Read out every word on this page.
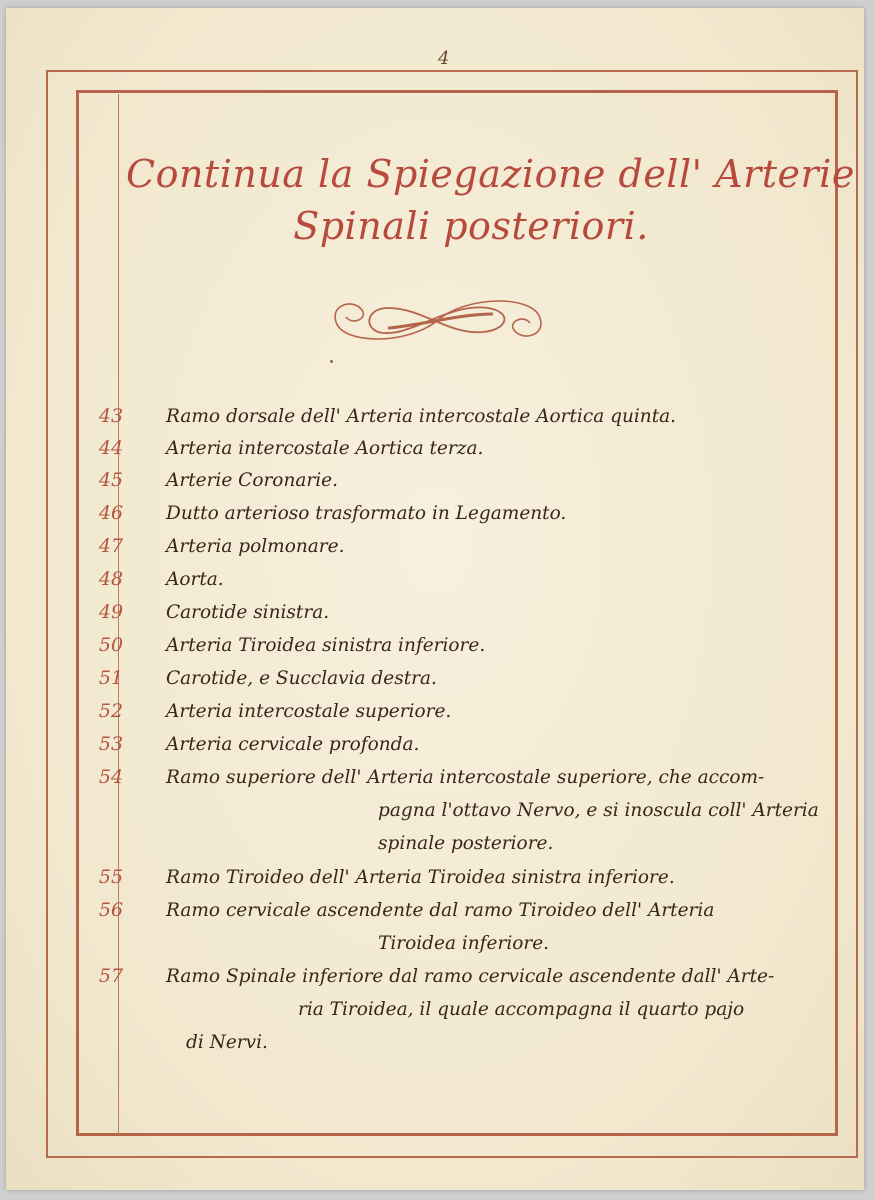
4
Continua la Spiegazione dell' Arterie
Spinali posteriori.
43	Ramo dorsale dell' Arteria intercostale Aortica quinta.
44	Arteria intercostale Aortica terza.
45	Arterie Coronarie.
46	Dutto arterioso trasformato in Legamento.
47	Arteria polmonare.
48	Aorta.
49	Carotide sinistra.
50	Arteria Tiroidea sinistra inferiore.
51	Carotide, e Succlavia destra.
52	Arteria intercostale superiore.
53	Arteria cervicale profonda.
54	Ramo superiore dell' Arteria intercostale superiore, che accom-
pagna l'ottavo Nervo, e si inoscula coll' Arteria
spinale posteriore.
55	Ramo Tiroideo dell' Arteria Tiroidea sinistra inferiore.
56	Ramo cervicale ascendente dal ramo Tiroideo dell' Arteria
Tiroidea inferiore.
57	Ramo Spinale inferiore dal ramo cervicale ascendente dall' Arte-
ria Tiroidea, il quale accompagna il quarto pajo
di Nervi.
